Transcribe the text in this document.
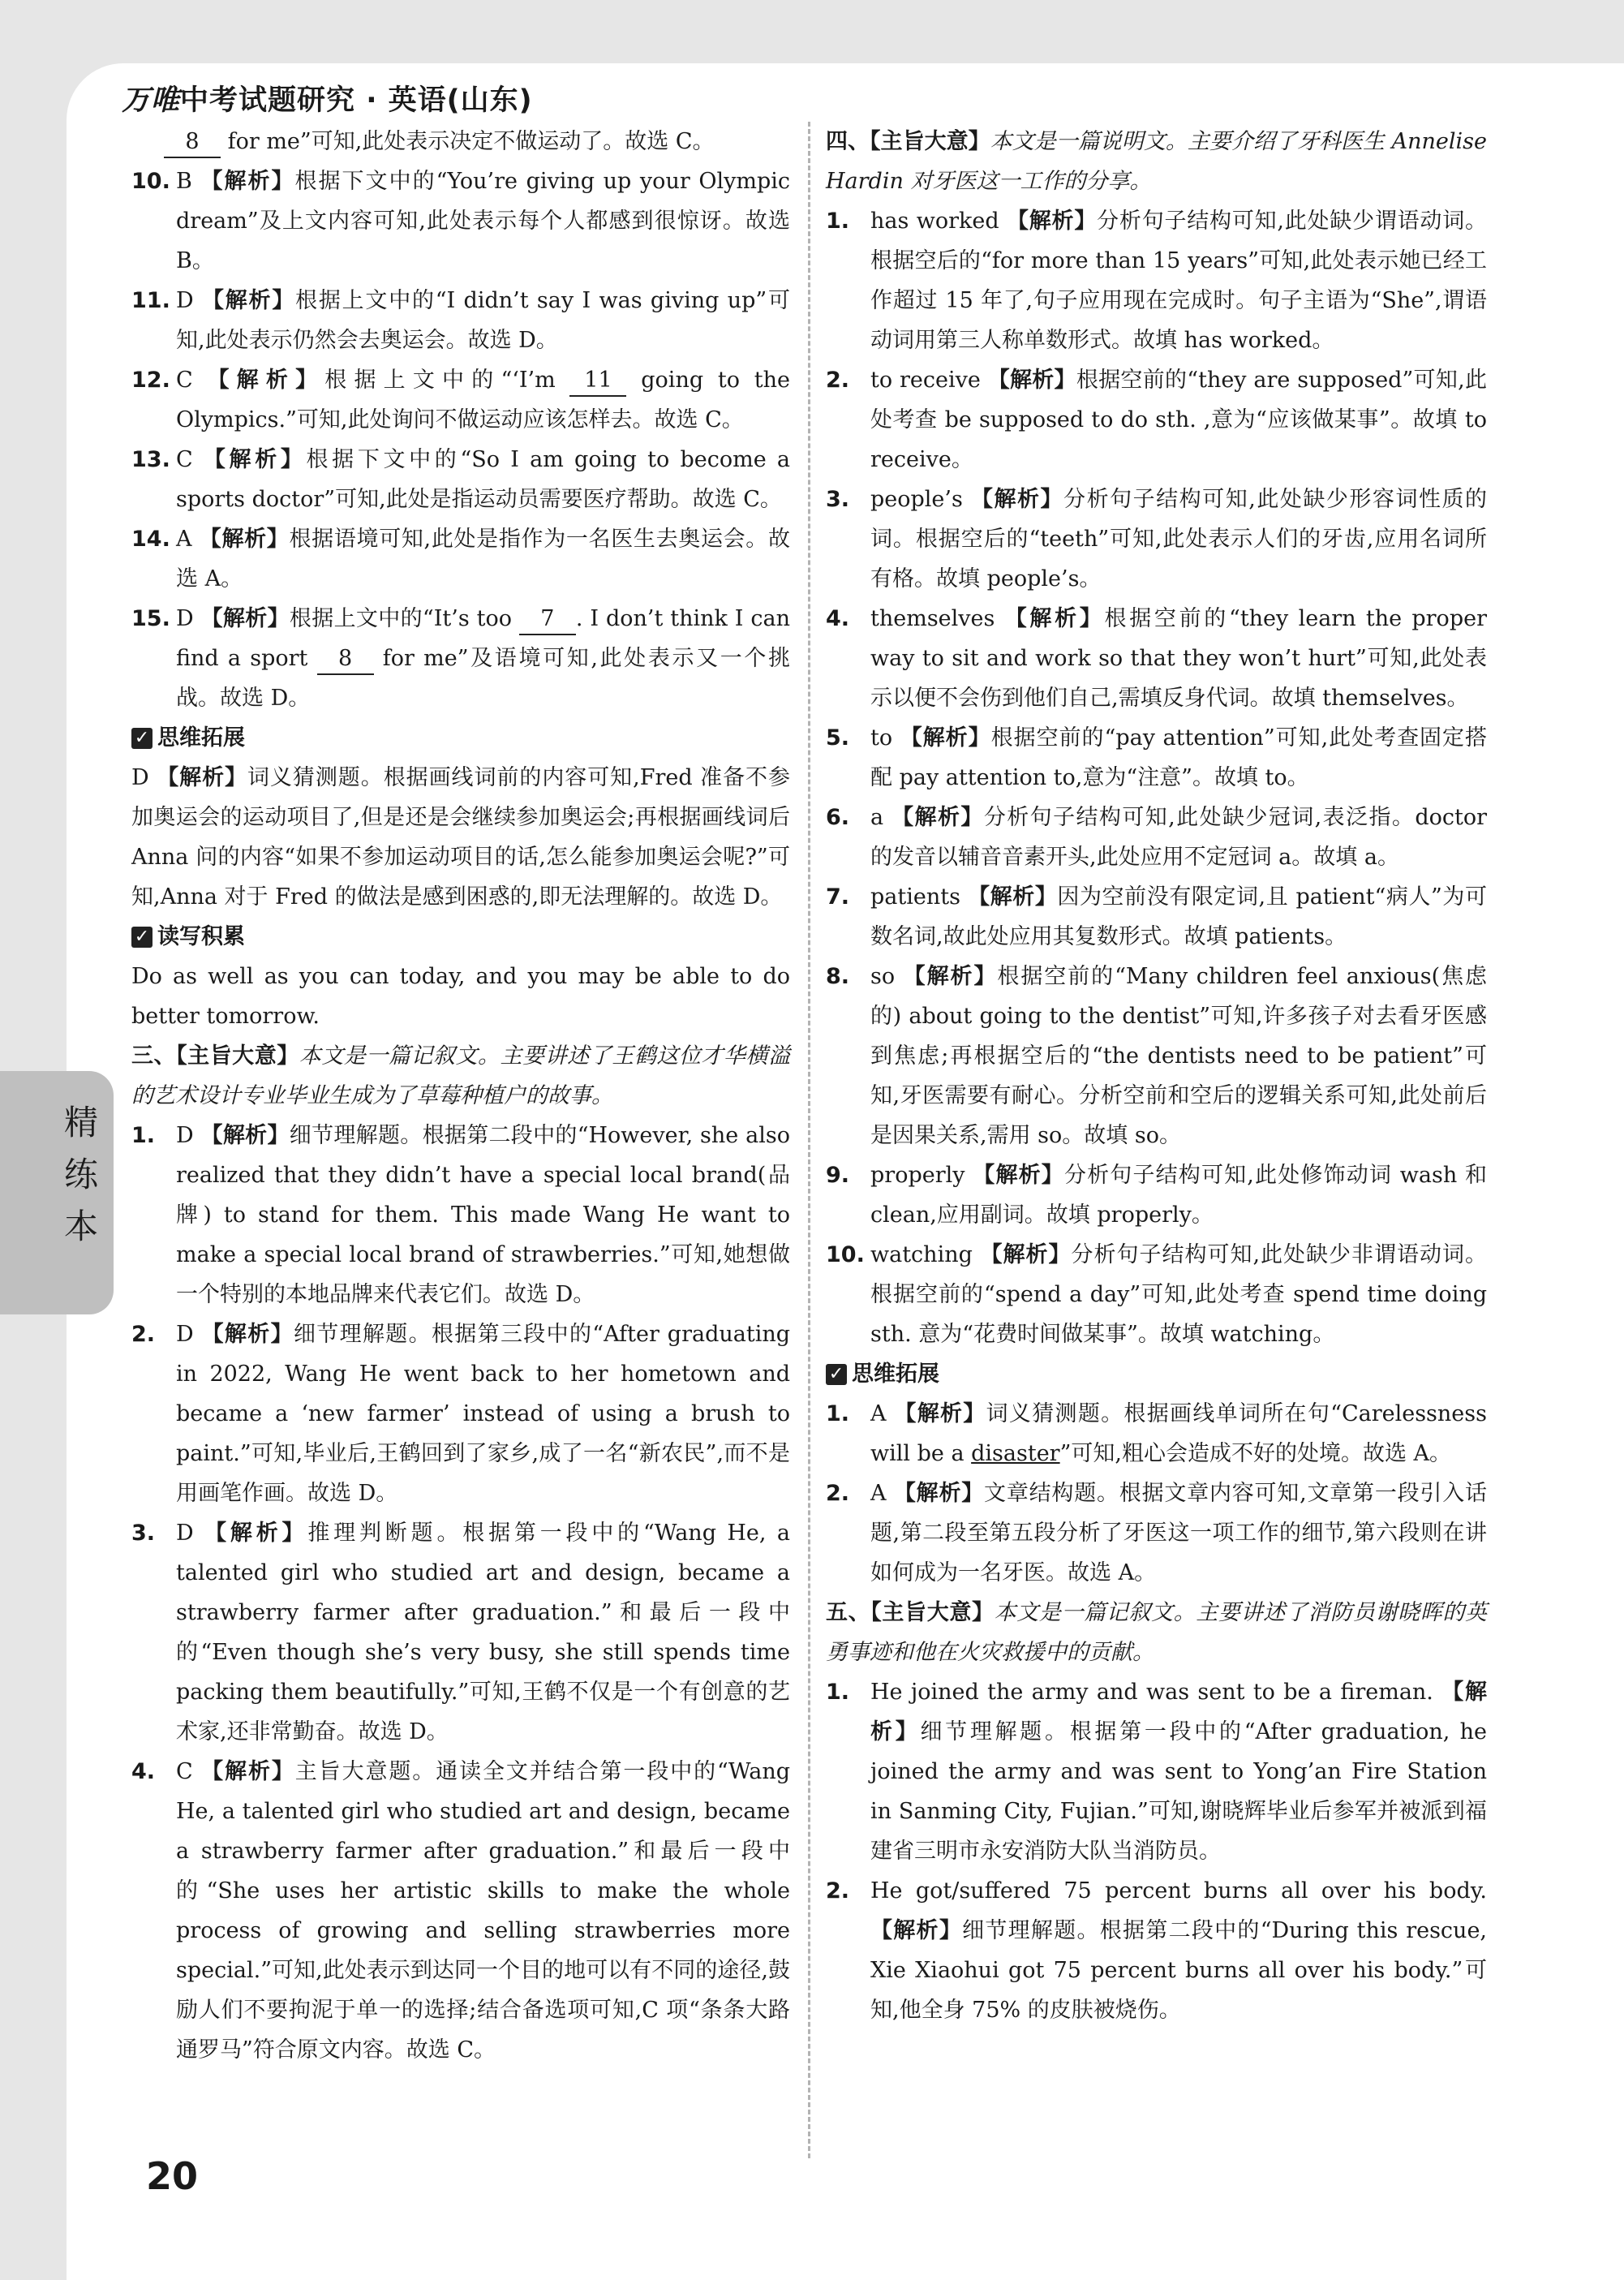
万唯中考试题研究 · 英语(山东)
精
练
本

8 for me”可知,此处表示决定不做运动了。故选 C。

10. B 【解析】根据下文中的“You’re giving up your Olympic dream”及上文内容可知,此处表示每个人都感到很惊讶。故选 B。
11. D 【解析】根据上文中的“I didn’t say I was giving up”可知,此处表示仍然会去奥运会。故选 D。
12. C 【解析】根据上文中的“‘I’m 11 going to the Olympics.”可知,此处询问不做运动应该怎样去。故选 C。
13. C 【解析】根据下文中的“So I am going to become a sports doctor”可知,此处是指运动员需要医疗帮助。故选 C。
14. A 【解析】根据语境可知,此处是指作为一名医生去奥运会。故选 A。
15. D 【解析】根据上文中的“It’s too 7 . I don’t think I can find a sport 8 for me”及语境可知,此处表示又一个挑战。故选 D。
✓ 思维拓展

D 【解析】词义猜测题。根据画线词前的内容可知,Fred 准备不参加奥运会的运动项目了,但是还是会继续参加奥运会;再根据画线词后 Anna 问的内容“如果不参加运动项目的话,怎么能参加奥运会呢?”可知,Anna 对于 Fred 的做法是感到困惑的,即无法理解的。故选 D。

✓ 读写积累

Do as well as you can today, and you may be able to do better tomorrow.

三、【主旨大意】本文是一篇记叙文。主要讲述了王鹤这位才华横溢的艺术设计专业毕业生成为了草莓种植户的故事。

1. D 【解析】细节理解题。根据第二段中的“However, she also realized that they didn’t have a special local brand(品牌) to stand for them. This made Wang He want to make a special local brand of strawberries.”可知,她想做一个特别的本地品牌来代表它们。故选 D。
2. D 【解析】细节理解题。根据第三段中的“After graduating in 2022, Wang He went back to her hometown and became a ‘new farmer’ instead of using a brush to paint.”可知,毕业后,王鹤回到了家乡,成了一名“新农民”,而不是用画笔作画。故选 D。
3. D 【解析】推理判断题。根据第一段中的“Wang He, a talented girl who studied art and design, became a strawberry farmer after graduation.”和最后一段中的“Even though she’s very busy, she still spends time packing them beautifully.”可知,王鹤不仅是一个有创意的艺术家,还非常勤奋。故选 D。
4. C 【解析】主旨大意题。通读全文并结合第一段中的“Wang He, a talented girl who studied art and design, became a strawberry farmer after graduation.”和最后一段中的“She uses her artistic skills to make the whole process of growing and selling strawberries more special.”可知,此处表示到达同一个目的地可以有不同的途径,鼓励人们不要拘泥于单一的选择;结合备选项可知,C 项“条条大路通罗马”符合原文内容。故选 C。

四、【主旨大意】本文是一篇说明文。主要介绍了牙科医生 Annelise Hardin 对牙医这一工作的分享。

1. has worked 【解析】分析句子结构可知,此处缺少谓语动词。根据空后的“for more than 15 years”可知,此处表示她已经工作超过 15 年了,句子应用现在完成时。句子主语为“She”,谓语动词用第三人称单数形式。故填 has worked。
2. to receive 【解析】根据空前的“they are supposed”可知,此处考查 be supposed to do sth. ,意为“应该做某事”。故填 to receive。
3. people’s 【解析】分析句子结构可知,此处缺少形容词性质的词。根据空后的“teeth”可知,此处表示人们的牙齿,应用名词所有格。故填 people’s。
4. themselves 【解析】根据空前的“they learn the proper way to sit and work so that they won’t hurt”可知,此处表示以便不会伤到他们自己,需填反身代词。故填 themselves。
5. to 【解析】根据空前的“pay attention”可知,此处考查固定搭配 pay attention to,意为“注意”。故填 to。
6. a 【解析】分析句子结构可知,此处缺少冠词,表泛指。doctor 的发音以辅音音素开头,此处应用不定冠词 a。故填 a。
7. patients 【解析】因为空前没有限定词,且 patient“病人”为可数名词,故此处应用其复数形式。故填 patients。
8. so 【解析】根据空前的“Many children feel anxious(焦虑的) about going to the dentist”可知,许多孩子对去看牙医感到焦虑;再根据空后的“the dentists need to be patient”可知,牙医需要有耐心。分析空前和空后的逻辑关系可知,此处前后是因果关系,需用 so。故填 so。
9. properly 【解析】分析句子结构可知,此处修饰动词 wash 和 clean,应用副词。故填 properly。
10. watching 【解析】分析句子结构可知,此处缺少非谓语动词。根据空前的“spend a day”可知,此处考查 spend time doing sth. 意为“花费时间做某事”。故填 watching。
✓ 思维拓展
1. A 【解析】词义猜测题。根据画线单词所在句“Carelessness will be a disaster”可知,粗心会造成不好的处境。故选 A。
2. A 【解析】文章结构题。根据文章内容可知,文章第一段引入话题,第二段至第五段分析了牙医这一项工作的细节,第六段则在讲如何成为一名牙医。故选 A。

五、【主旨大意】本文是一篇记叙文。主要讲述了消防员谢晓晖的英勇事迹和他在火灾救援中的贡献。

1. He joined the army and was sent to be a fireman. 【解析】细节理解题。根据第一段中的“After graduation, he joined the army and was sent to Yong’an Fire Station in Sanming City, Fujian.”可知,谢晓辉毕业后参军并被派到福建省三明市永安消防大队当消防员。
2. He got/suffered 75 percent burns all over his body. 【解析】细节理解题。根据第二段中的“During this rescue, Xie Xiaohui got 75 percent burns all over his body.”可知,他全身 75% 的皮肤被烧伤。
20
